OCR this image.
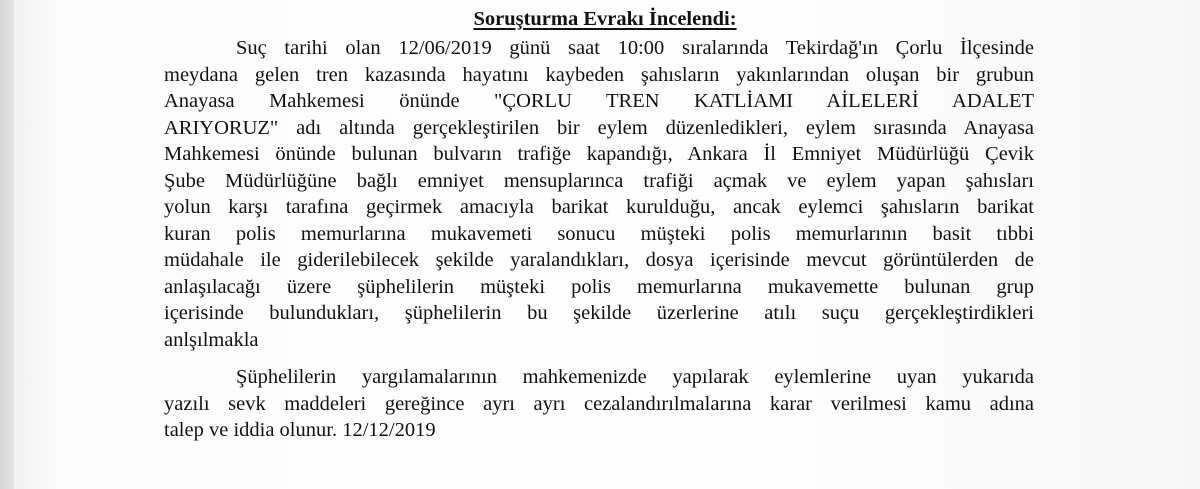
Soruşturma Evrakı İncelendi:
Suç tarihi olan 12/06/2019 günü saat 10:00 sıralarında Tekirdağ'ın Çorlu İlçesinde
meydana gelen tren kazasında hayatını kaybeden şahısların yakınlarından oluşan bir grubun
Anayasa Mahkemesi önünde "ÇORLU TREN KATLİAMI AİLELERİ ADALET
ARIYORUZ" adı altında gerçekleştirilen bir eylem düzenledikleri, eylem sırasında Anayasa
Mahkemesi önünde bulunan bulvarın trafiğe kapandığı, Ankara İl Emniyet Müdürlüğü Çevik
Şube Müdürlüğüne bağlı emniyet mensuplarınca trafiği açmak ve eylem yapan şahısları
yolun karşı tarafına geçirmek amacıyla barikat kurulduğu, ancak eylemci şahısların barikat
kuran polis memurlarına mukavemeti sonucu müşteki polis memurlarının basit tıbbi
müdahale ile giderilebilecek şekilde yaralandıkları, dosya içerisinde mevcut görüntülerden de
anlaşılacağı üzere şüphelilerin müşteki polis memurlarına mukavemette bulunan grup
içerisinde bulundukları, şüphelilerin bu şekilde üzerlerine atılı suçu gerçekleştirdikleri
anlşılmakla
Şüphelilerin yargılamalarının mahkemenizde yapılarak eylemlerine uyan yukarıda
yazılı sevk maddeleri gereğince ayrı ayrı cezalandırılmalarına karar verilmesi kamu adına
talep ve iddia olunur. 12/12/2019
